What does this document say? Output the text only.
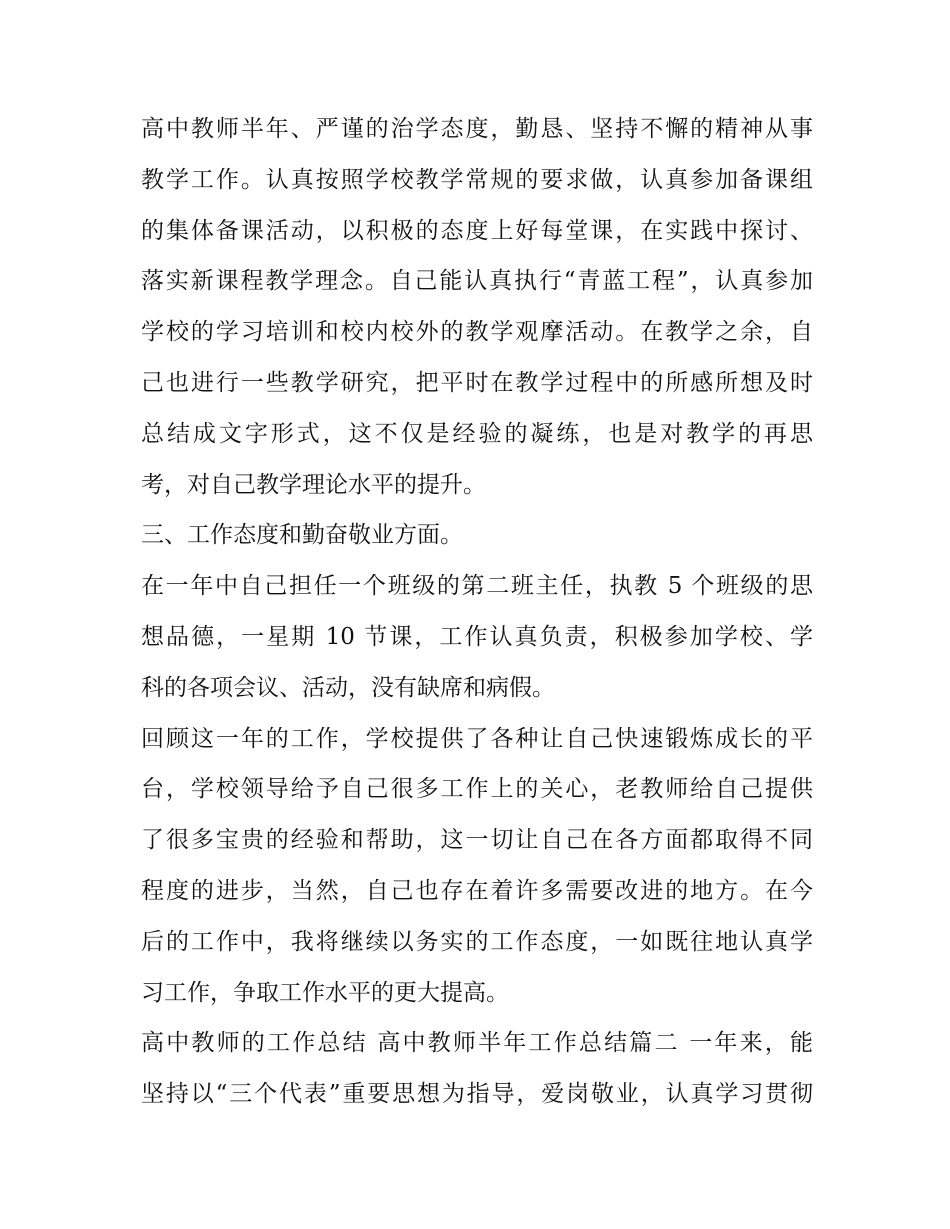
高中教师半年、严谨的治学态度，勤恳、坚持不懈的精神从事
教学工作。认真按照学校教学常规的要求做，认真参加备课组
的集体备课活动，以积极的态度上好每堂课，在实践中探讨、
落实新课程教学理念。自己能认真执行“青蓝工程”，认真参加
学校的学习培训和校内校外的教学观摩活动。在教学之余，自
己也进行一些教学研究，把平时在教学过程中的所感所想及时
总结成文字形式，这不仅是经验的凝练，也是对教学的再思
考，对自己教学理论水平的提升。
三、工作态度和勤奋敬业方面。
在一年中自己担任一个班级的第二班主任，执教 5 个班级的思
想品德，一星期 10 节课，工作认真负责，积极参加学校、学
科的各项会议、活动，没有缺席和病假。
回顾这一年的工作，学校提供了各种让自己快速锻炼成长的平
台，学校领导给予自己很多工作上的关心，老教师给自己提供
了很多宝贵的经验和帮助，这一切让自己在各方面都取得不同
程度的进步，当然，自己也存在着许多需要改进的地方。在今
后的工作中，我将继续以务实的工作态度，一如既往地认真学
习工作，争取工作水平的更大提高。
高中教师的工作总结 高中教师半年工作总结篇二 一年来，能
坚持以“三个代表”重要思想为指导，爱岗敬业，认真学习贯彻
